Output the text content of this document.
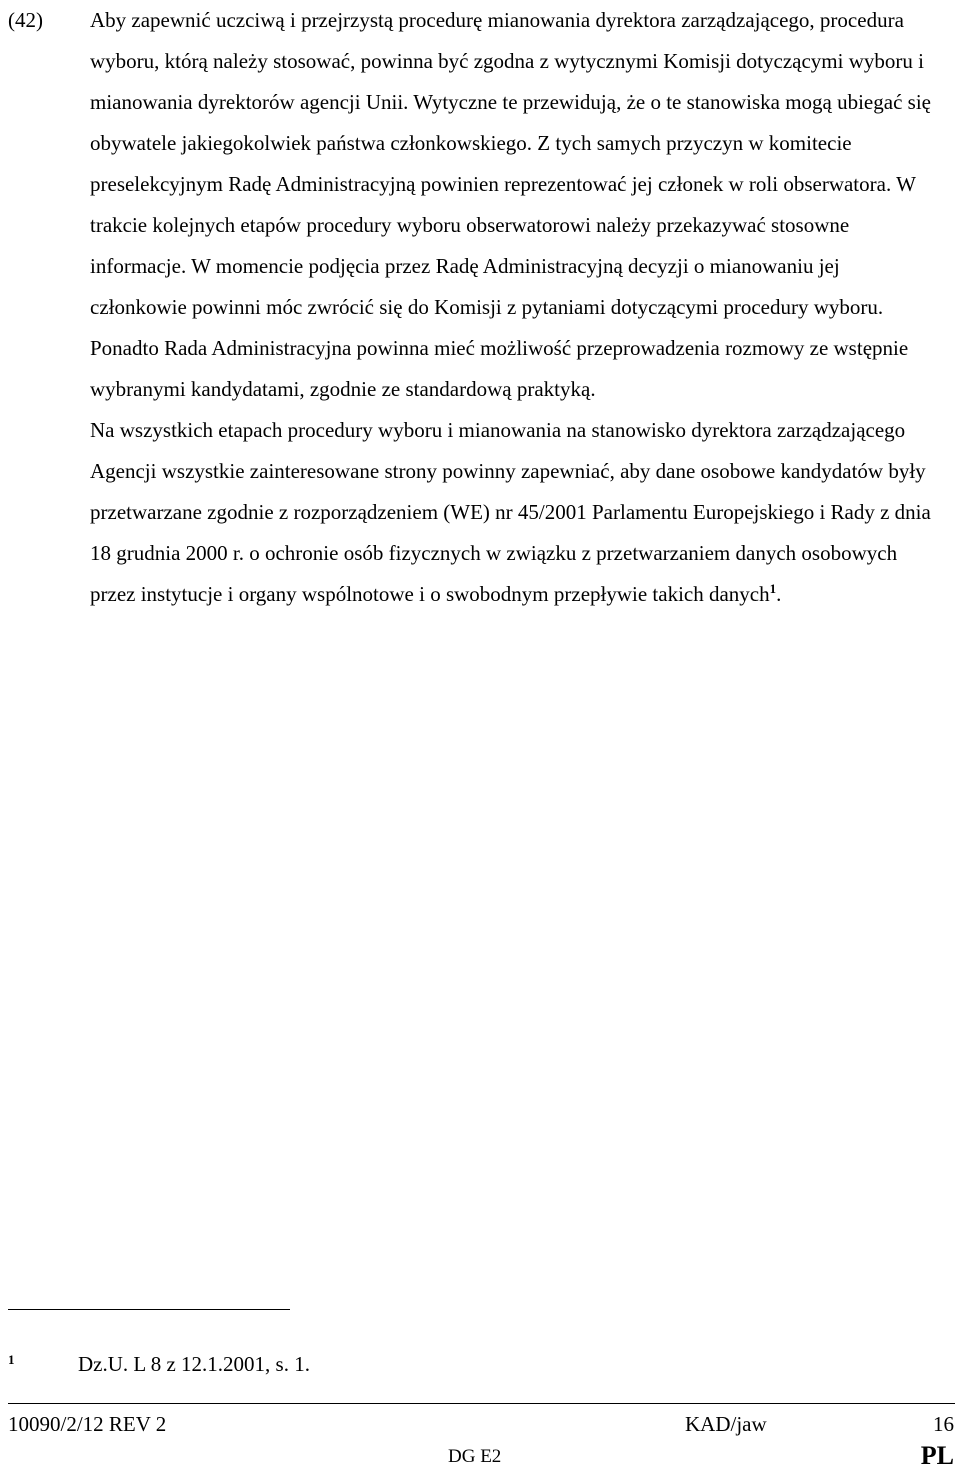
(42) Aby zapewnić uczciwą i przejrzystą procedurę mianowania dyrektora zarządzającego, procedura wyboru, którą należy stosować, powinna być zgodna z wytycznymi Komisji dotyczącymi wyboru i mianowania dyrektorów agencji Unii. Wytyczne te przewidują, że o te stanowiska mogą ubiegać się obywatele jakiegokolwiek państwa członkowskiego. Z tych samych przyczyn w komitecie preselekcyjnym Radę Administracyjną powinien reprezentować jej członek w roli obserwatora. W trakcie kolejnych etapów procedury wyboru obserwatorowi należy przekazywać stosowne informacje. W momencie podjęcia przez Radę Administracyjną decyzji o mianowaniu jej członkowie powinni móc zwrócić się do Komisji z pytaniami dotyczącymi procedury wyboru. Ponadto Rada Administracyjna powinna mieć możliwość przeprowadzenia rozmowy ze wstępnie wybranymi kandydatami, zgodnie ze standardową praktyką.

Na wszystkich etapach procedury wyboru i mianowania na stanowisko dyrektora zarządzającego Agencji wszystkie zainteresowane strony powinny zapewniać, aby dane osobowe kandydatów były przetwarzane zgodnie z rozporządzeniem (WE) nr 45/2001 Parlamentu Europejskiego i Rady z dnia 18 grudnia 2000 r. o ochronie osób fizycznych w związku z przetwarzaniem danych osobowych przez instytucje i organy wspólnotowe i o swobodnym przepływie takich danych$^1$.

1	Dz.U. L 8 z 12.1.2001, s. 1.
10090/2/12 REV 2	KAD/jaw	16
DG E2	PL
